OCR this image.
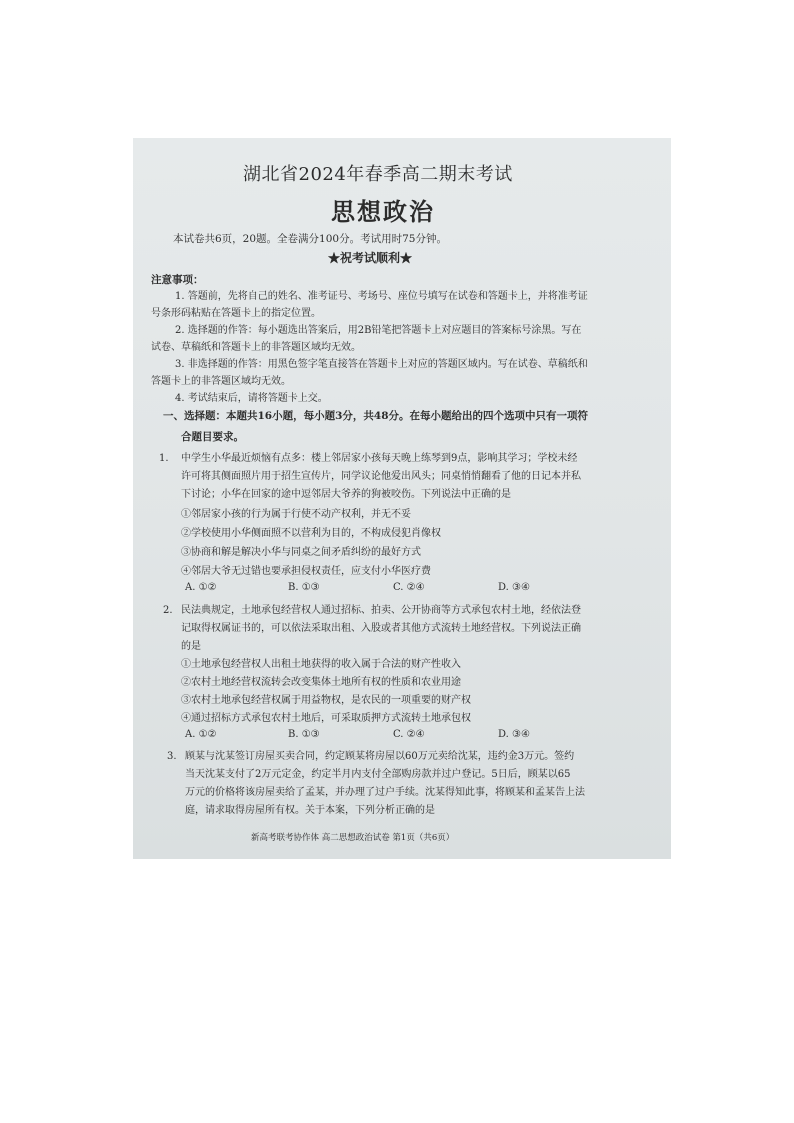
湖北省2024年春季高二期末考试
思想政治
本试卷共6页，20题。全卷满分100分。考试用时75分钟。
★祝考试顺利★
注意事项：
1. 答题前，先将自己的姓名、准考证号、考场号、座位号填写在试卷和答题卡上，并将准考证
号条形码粘贴在答题卡上的指定位置。
2. 选择题的作答：每小题选出答案后，用2B铅笔把答题卡上对应题目的答案标号涂黑。写在
试卷、草稿纸和答题卡上的非答题区域均无效。
3. 非选择题的作答：用黑色签字笔直接答在答题卡上对应的答题区域内。写在试卷、草稿纸和
答题卡上的非答题区域均无效。
4. 考试结束后，请将答题卡上交。
一、选择题：本题共16小题，每小题3分，共48分。在每小题给出的四个选项中只有一项符
合题目要求。
1. 中学生小华最近烦恼有点多：楼上邻居家小孩每天晚上练琴到9点，影响其学习；学校未经
许可将其侧面照片用于招生宣传片，同学议论他爱出风头；同桌悄悄翻看了他的日记本并私
下讨论；小华在回家的途中逗邻居大爷养的狗被咬伤。下列说法中正确的是
①邻居家小孩的行为属于行使不动产权利，并无不妥
②学校使用小华侧面照不以营利为目的，不构成侵犯肖像权
③协商和解是解决小华与同桌之间矛盾纠纷的最好方式
④邻居大爷无过错也要承担侵权责任，应支付小华医疗费
A. ①②	B. ①③	C. ②④	D. ③④
2. 民法典规定，土地承包经营权人通过招标、拍卖、公开协商等方式承包农村土地，经依法登
记取得权属证书的，可以依法采取出租、入股或者其他方式流转土地经营权。下列说法正确
的是
①土地承包经营权人出租土地获得的收入属于合法的财产性收入
②农村土地经营权流转会改变集体土地所有权的性质和农业用途
③农村土地承包经营权属于用益物权，是农民的一项重要的财产权
④通过招标方式承包农村土地后，可采取质押方式流转土地承包权
A. ①②	B. ①③	C. ②④	D. ③④
3. 顾某与沈某签订房屋买卖合同，约定顾某将房屋以60万元卖给沈某，违约金3万元。签约
当天沈某支付了2万元定金，约定半月内支付全部购房款并过户登记。5日后，顾某以65
万元的价格将该房屋卖给了孟某，并办理了过户手续。沈某得知此事，将顾某和孟某告上法
庭，请求取得房屋所有权。关于本案，下列分析正确的是
新高考联考协作体 高二思想政治试卷 第1页（共6页）
